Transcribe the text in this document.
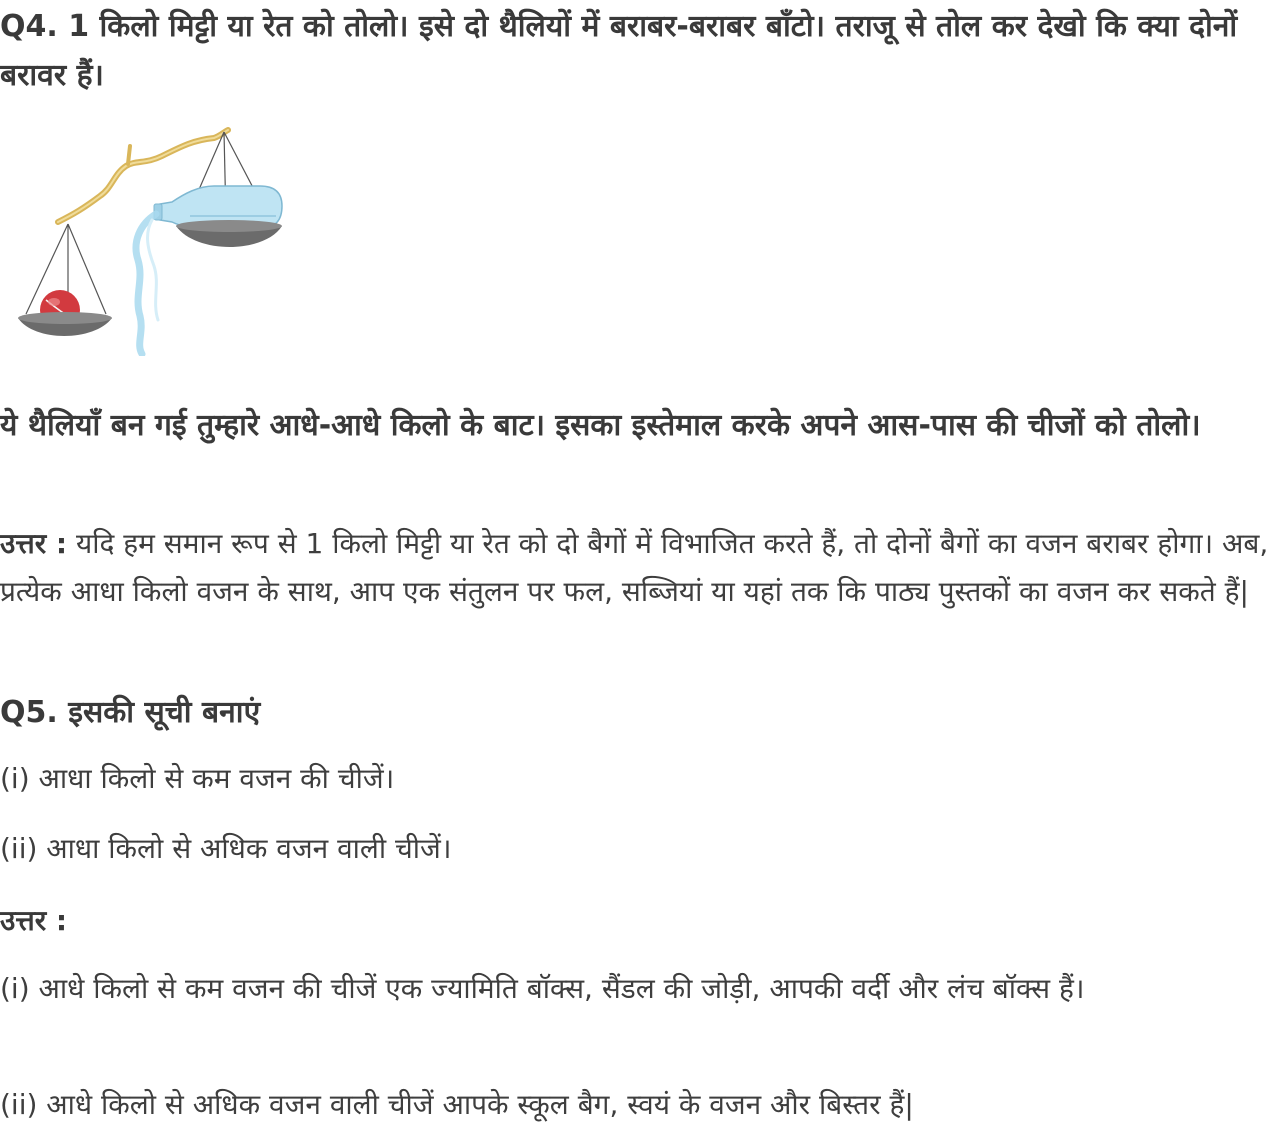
Q4. 1 किलो मिट्टी या रेत को तोलो। इसे दो थैलियों में बराबर-बराबर बाँटो। तराजू से तोल कर देखो कि क्या दोनों बरावर हैं।

ये थैलियाँ बन गई तुम्हारे आधे-आधे किलो के बाट। इसका इस्तेमाल करके अपने आस-पास की चीजों को तोलो।

उत्तर : यदि हम समान रूप से 1 किलो मिट्टी या रेत को दो बैगों में विभाजित करते हैं, तो दोनों बैगों का वजन बराबर होगा। अब, प्रत्येक आधा किलो वजन के साथ, आप एक संतुलन पर फल, सब्जियां या यहां तक कि पाठ्य पुस्तकों का वजन कर सकते हैं|

Q5. इसकी सूची बनाएं

(i) आधा किलो से कम वजन की चीजें।

(ii) आधा किलो से अधिक वजन वाली चीजें।

उत्तर :

(i) आधे किलो से कम वजन की चीजें एक ज्यामिति बॉक्स, सैंडल की जोड़ी, आपकी वर्दी और लंच बॉक्स हैं।

(ii) आधे किलो से अधिक वजन वाली चीजें आपके स्कूल बैग, स्वयं के वजन और बिस्तर हैं|
